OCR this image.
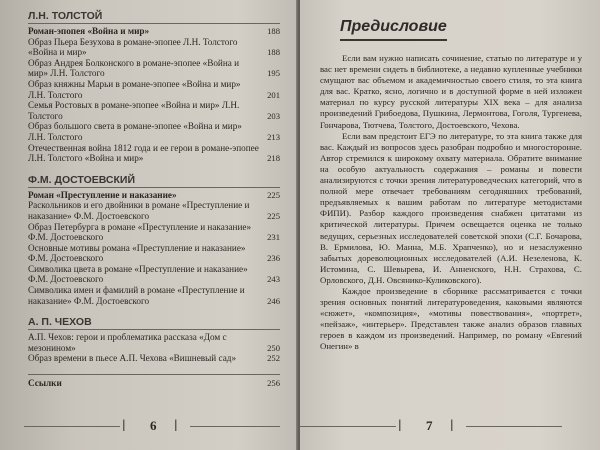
Л.Н. ТОЛСТОЙ
Роман-эпопея «Война и мир»	188
Образ Пьера Безухова в романе-эпопее Л.Н. Толстого «Война и мир»	188
Образ Андрея Болконского в романе-эпопее «Война и мир» Л.Н. Толстого	195
Образ княжны Марьи в романе-эпопее «Война и мир» Л.Н. Толстого	201
Семья Ростовых в романе-эпопее «Война и мир» Л.Н. Толстого	203
Образ большого света в романе-эпопее «Война и мир» Л.Н. Толстого	213
Отечественная война 1812 года и ее герои в романе-эпопее Л.Н. Толстого «Война и мир»	218
Ф.М. ДОСТОЕВСКИЙ
Роман «Преступление и наказание»	225
Раскольников и его двойники в романе «Преступление и наказание» Ф.М. Достоевского	225
Образ Петербурга в романе «Преступление и наказание» Ф.М. Достоевского	231
Основные мотивы романа «Преступление и наказание» Ф.М. Достоевского	236
Символика цвета в романе «Преступление и наказание» Ф.М. Достоевского	243
Символика имен и фамилий в романе «Преступление и наказание» Ф.М. Достоевского	246
А. П. ЧЕХОВ
А.П. Чехов: герои и проблематика рассказа «Дом с мезонином»	250
Образ времени в пьесе А.П. Чехова «Вишневый сад»	252
Ссылки	256
ꟾ 6 ꟾ
Предисловие

Если вам нужно написать сочинение, статью по литературе и у вас нет времени сидеть в библиотеке, а недавно купленные учебники смущают вас объемом и академичностью своего стиля, то эта книга для вас. Кратко, ясно, логично и в доступной форме в ней изложен материал по курсу русской литературы XIX века – для анализа произведений Грибоедова, Пушкина, Лермонтова, Гоголя, Тургенева, Гончарова, Тютчева, Толстого, Достоевского, Чехова.

Если вам предстоит ЕГЭ по литературе, то эта книга также для вас. Каждый из вопросов здесь разобран подробно и многосторонне. Автор стремился к широкому охвату материала. Обратите внимание на особую актуальность содержания – романы и повести анализируются с точки зрения литературоведческих категорий, что в полной мере отвечает требованиям сегодняшних требований, предъявляемых к вашим работам по литературе методистами ФИПИ). Разбор каждого произведения снабжен цитатами из критической литературы. Причем освещается оценка не только ведущих, серьезных исследователей советской эпохи (С.Г. Бочарова, В. Ермилова, Ю. Манна, М.Б. Храпченко), но и незаслуженно забытых дореволюционных исследователей (А.И. Незеленова, К. Истомина, С. Шевырева, И. Анненского, Н.Н. Страхова, С. Орловского, Д.Н. Овсянико-Куликовского).

Каждое произведение в сборнике рассматривается с точки зрения основных понятий литературоведения, каковыми являются «сюжет», «композиция», «мотивы повествования», «портрет», «пейзаж», «интерьер». Представлен также анализ образов главных героев в каждом из произведений. Например, по роману «Евгений Онегин» в

ꟾ 7 ꟾ
